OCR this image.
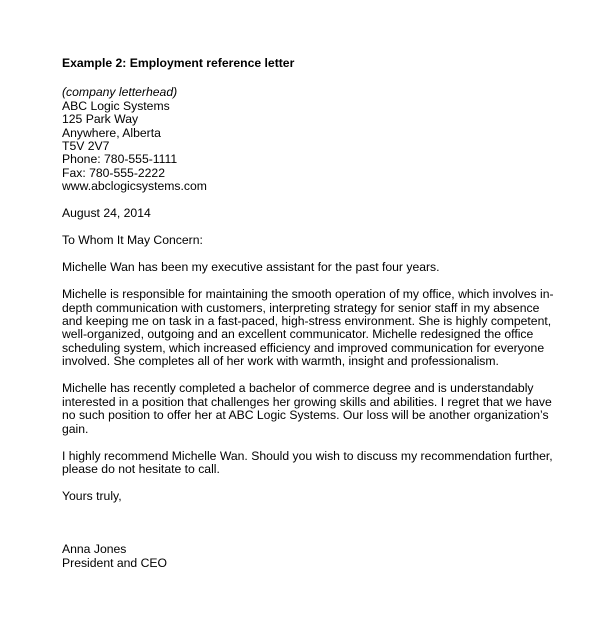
Example 2: Employment reference letter
(company letterhead)
ABC Logic Systems
125 Park Way
Anywhere, Alberta
T5V 2V7
Phone: 780-555-1111
Fax: 780-555-2222
www.abclogicsystems.com
August 24, 2014
To Whom It May Concern:

Michelle Wan has been my executive assistant for the past four years.

Michelle is responsible for maintaining the smooth operation of my office, which involves in-depth communication with customers, interpreting strategy for senior staff in my absence and keeping me on task in a fast-paced, high-stress environment. She is highly competent, well-organized, outgoing and an excellent communicator. Michelle redesigned the office scheduling system, which increased efficiency and improved communication for everyone involved. She completes all of her work with warmth, insight and professionalism.

Michelle has recently completed a bachelor of commerce degree and is understandably interested in a position that challenges her growing skills and abilities. I regret that we have no such position to offer her at ABC Logic Systems. Our loss will be another organization’s gain.

I highly recommend Michelle Wan. Should you wish to discuss my recommendation further, please do not hesitate to call.

Yours truly,
Anna Jones
President and CEO
